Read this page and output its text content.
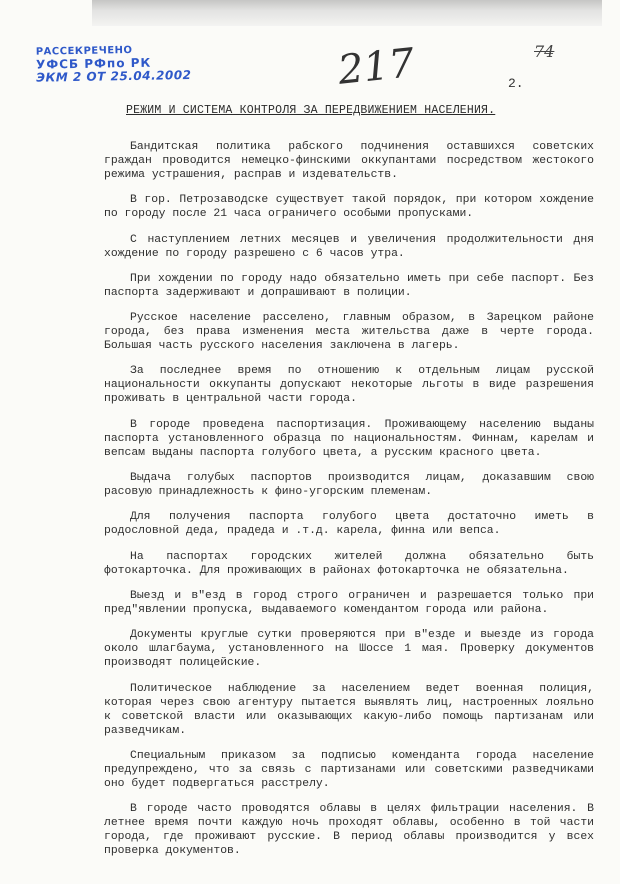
РАССЕКРЕЧЕНО
УФСБ РФпо РК
ЭКМ 2 ОТ 25.04.2002	217	74
2.
РЕЖИМ И СИСТЕМА КОНТРОЛЯ ЗА ПЕРЕДВИЖЕНИЕМ НАСЕЛЕНИЯ.

Бандитская политика рабского подчинения оставшихся советских граждан проводится немецко-финскими оккупантами посредством жестокого режима устрашения, расправ и издевательств.

В гор. Петрозаводске существует такой порядок, при котором хождение по городу после 21 часа ограничего особыми пропусками.

С наступлением летних месяцев и увеличения продолжительности дня хождение по городу разрешено с 6 часов утра.

При хождении по городу надо обязательно иметь при себе паспорт. Без паспорта задерживают и допрашивают в полиции.

Русское население расселено, главным образом, в Зарецком районе города, без права изменения места жительства даже в черте города. Большая часть русского населения заключена в лагерь.

За последнее время по отношению к отдельным лицам русской национальности оккупанты допускают некоторые льготы в виде разрешения проживать в центральной части города.

В городе проведена паспортизация. Проживающему населению выданы паспорта установленного образца по национальностям. Финнам, карелам и вепсам выданы паспорта голубого цвета, а русским красного цвета.

Выдача голубых паспортов производится лицам, доказавшим свою расовую принадлежность к фино-угорским племенам.

Для получения паспорта голубого цвета достаточно иметь в родословной деда, прадеда и .т.д. карела, финна или вепса.

На паспортах городских жителей должна обязательно быть фотокарточка. Для проживающих в районах фотокарточка не обязательна.

Выезд и в"езд в город строго ограничен и разрешается только при пред"явлении пропуска, выдаваемого комендантом города или района.

Документы круглые сутки проверяются при в"езде и выезде из города около шлагбаума, установленного на Шоссе 1 мая. Проверку документов производят полицейские.

Политическое наблюдение за населением ведет военная полиция, которая через свою агентуру пытается выявлять лиц, настроенных лояльно к советской власти или оказывающих какую-либо помощь партизанам или разведчикам.

Специальным приказом за подписью коменданта города население предупреждено, что за связь с партизанами или советскими разведчиками оно будет подвергаться расстрелу.

В городе часто проводятся облавы в целях фильтрации населения. В летнее время почти каждую ночь проходят облавы, особенно в той части города, где проживают русские. В период облавы производится у всех проверка документов.
